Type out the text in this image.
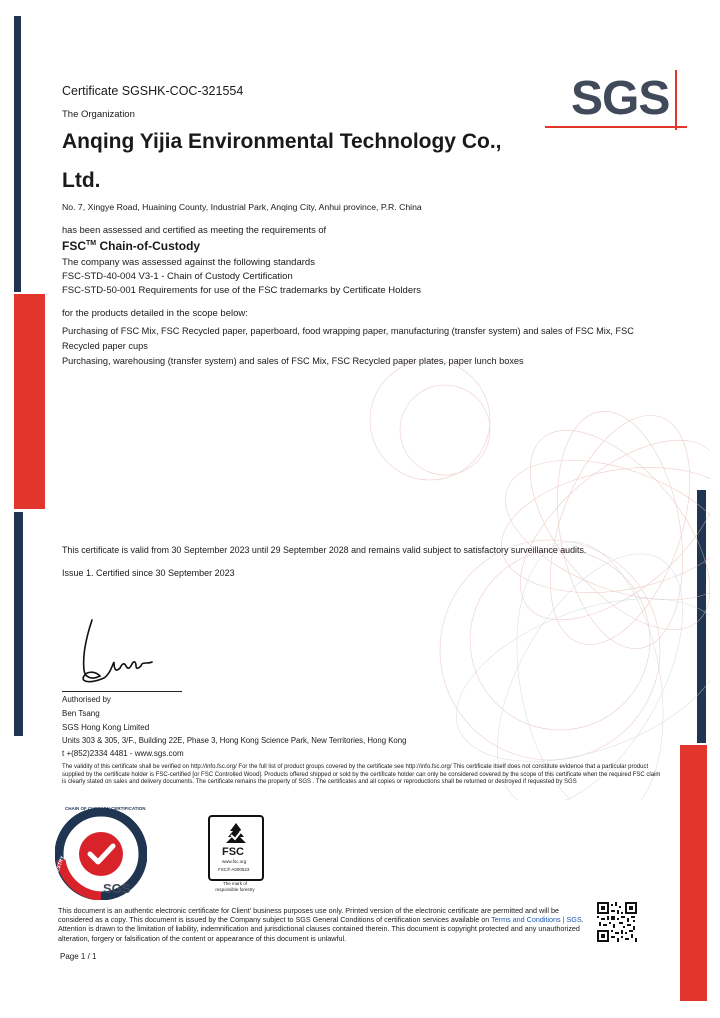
SGS
Certificate SGSHK-COC-321554
The Organization
Anqing Yijia Environmental Technology Co.,
Ltd.
No. 7, Xingye Road, Huaining County, Industrial Park, Anqing City, Anhui province, P.R. China
has been assessed and certified as meeting the requirements of
FSC™ Chain-of-Custody
The company was assessed against the following standards
FSC-STD-40-004 V3-1 - Chain of Custody Certification
FSC-STD-50-001 Requirements for use of the FSC trademarks by Certificate Holders
for the products detailed in the scope below:
Purchasing of FSC Mix, FSC Recycled paper, paperboard, food wrapping paper, manufacturing (transfer system) and sales of FSC Mix, FSC
Recycled paper cups
Purchasing, warehousing (transfer system) and sales of FSC Mix, FSC Recycled paper plates, paper lunch boxes
This certificate is valid from 30 September 2023 until 29 September 2028 and remains valid subject to satisfactory surveillance audits.
Issue 1. Certified since 30 September 2023
Authorised by
Ben Tsang
SGS Hong Kong Limited
Units 303 & 305, 3/F., Building 22E, Phase 3, Hong Kong Science Park, New Territories, Hong Kong
t +(852)2334 4481 - www.sgs.com
The validity of this certificate shall be verified on http://info.fsc.org/ For the full list of product groups covered by the certificate see http://info.fsc.org/ This certificate itself does not constitute evidence that a particular product supplied by the certificate holder is FSC-certified [or FSC Controlled Wood]. Products offered shipped or sold by the certificate holder can only be considered covered by the scope of this certificate when the required FSC claim is clearly stated on sales and delivery documents. The certificate remains the property of SGS . The certificates and all copies or reproductions shall be returned or destroyed if requested by SGS
CHAIN OF CUSTODY CERTIFICATION
FORESTRY
SGS
FSC
www.fsc.org
FSC® A000523
The mark of responsible forestry
This document is an authentic electronic certificate for Client' business purposes use only. Printed version of the electronic certificate are permitted and will be considered as a copy. This document is issued by the Company subject to SGS General Conditions of certification services available on Terms and Conditions | SGS. Attention is drawn to the limitation of liability, indemnification and jurisdictional clauses contained therein. This document is copyright protected and any unauthorized alteration, forgery or falsification of the content or appearance of this document is unlawful.
Page 1 / 1
